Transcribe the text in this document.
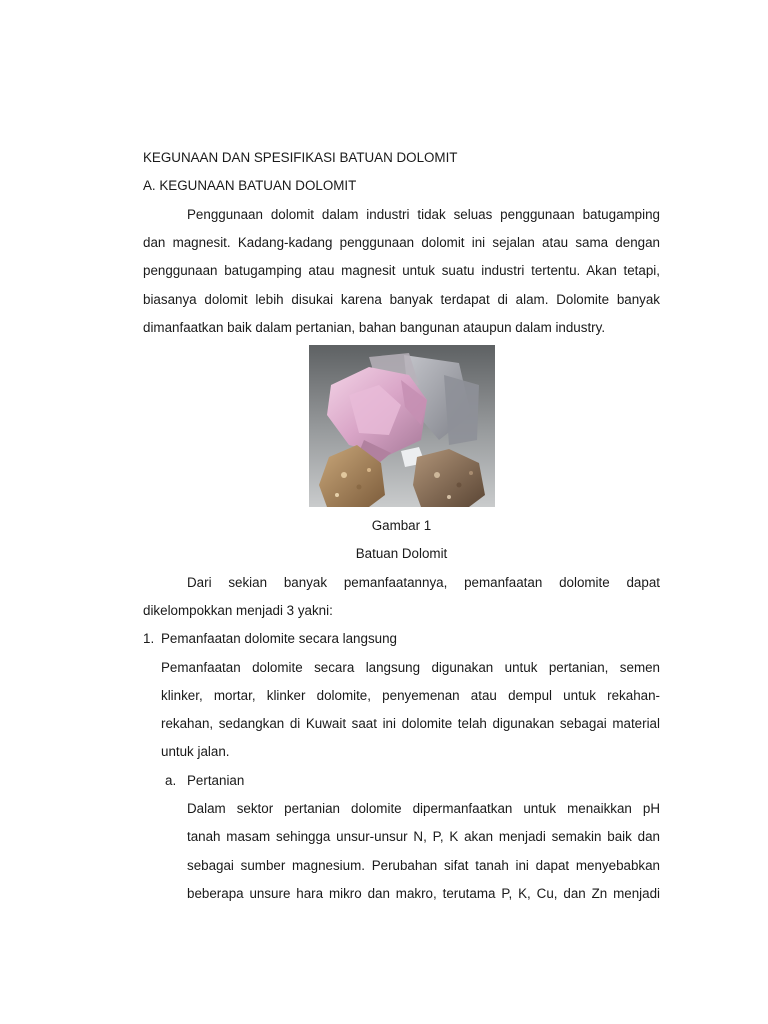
KEGUNAAN DAN SPESIFIKASI BATUAN DOLOMIT
A. KEGUNAAN BATUAN DOLOMIT
Penggunaan dolomit dalam industri tidak seluas penggunaan batugamping
dan magnesit. Kadang-kadang penggunaan dolomit ini sejalan atau sama dengan
penggunaan batugamping atau magnesit untuk suatu industri tertentu. Akan tetapi,
biasanya dolomit lebih disukai karena banyak terdapat di alam. Dolomite banyak
dimanfaatkan baik dalam pertanian, bahan bangunan ataupun dalam industry.
Gambar 1
Batuan Dolomit
Dari sekian banyak pemanfaatannya, pemanfaatan dolomite dapat
dikelompokkan menjadi 3 yakni:
1. Pemanfaatan dolomite secara langsung
Pemanfaatan dolomite secara langsung digunakan untuk pertanian, semen
klinker, mortar, klinker dolomite, penyemenan atau dempul untuk rekahan-
rekahan, sedangkan di Kuwait saat ini dolomite telah digunakan sebagai material
untuk jalan.
a. Pertanian
Dalam sektor pertanian dolomite dipermanfaatkan untuk menaikkan pH
tanah masam sehingga unsur-unsur N, P, K akan menjadi semakin baik dan
sebagai sumber magnesium. Perubahan sifat tanah ini dapat menyebabkan
beberapa unsure hara mikro dan makro, terutama P, K, Cu, dan Zn menjadi
